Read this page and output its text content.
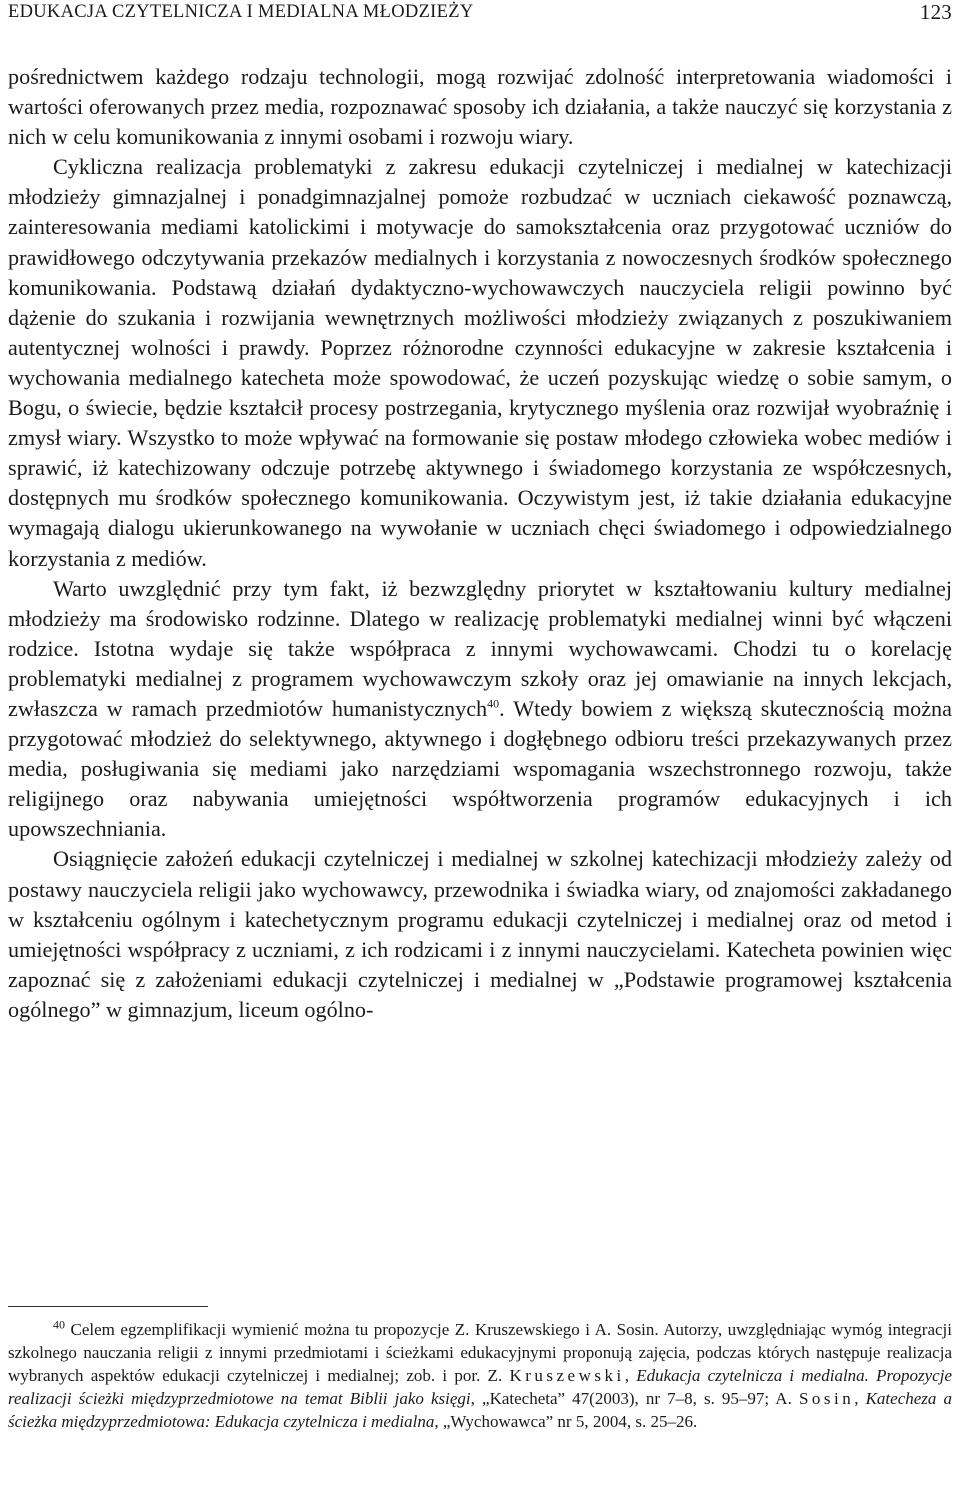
EDUKACJA CZYTELNICZA I MEDIALNA MŁODZIEŻY	123

pośrednictwem każdego rodzaju technologii, mogą rozwijać zdolność interpretowania wiadomości i wartości oferowanych przez media, rozpoznawać sposoby ich działania, a także nauczyć się korzystania z nich w celu komunikowania z innymi osobami i rozwoju wiary.

Cykliczna realizacja problematyki z zakresu edukacji czytelniczej i medialnej w katechizacji młodzieży gimnazjalnej i ponadgimnazjalnej pomoże rozbudzać w uczniach ciekawość poznawczą, zainteresowania mediami katolickimi i motywacje do samokształcenia oraz przygotować uczniów do prawidłowego odczytywania przekazów medialnych i korzystania z nowoczesnych środków społecznego komunikowania. Podstawą działań dydaktyczno-wychowawczych nauczyciela religii powinno być dążenie do szukania i rozwijania wewnętrznych możliwości młodzieży związanych z poszukiwaniem autentycznej wolności i prawdy. Poprzez różnorodne czynności edukacyjne w zakresie kształcenia i wychowania medialnego katecheta może spowodować, że uczeń pozyskując wiedzę o sobie samym, o Bogu, o świecie, będzie kształcił procesy postrzegania, krytycznego myślenia oraz rozwijał wyobraźnię i zmysł wiary. Wszystko to może wpływać na formowanie się postaw młodego człowieka wobec mediów i sprawić, iż katechizowany odczuje potrzebę aktywnego i świadomego korzystania ze współczesnych, dostępnych mu środków społecznego komunikowania. Oczywistym jest, iż takie działania edukacyjne wymagają dialogu ukierunkowanego na wywołanie w uczniach chęci świadomego i odpowiedzialnego korzystania z mediów.

Warto uwzględnić przy tym fakt, iż bezwzględny priorytet w kształtowaniu kultury medialnej młodzieży ma środowisko rodzinne. Dlatego w realizację problematyki medialnej winni być włączeni rodzice. Istotna wydaje się także współpraca z innymi wychowawcami. Chodzi tu o korelację problematyki medialnej z programem wychowawczym szkoły oraz jej omawianie na innych lekcjach, zwłaszcza w ramach przedmiotów humanistycznych$^{40}$. Wtedy bowiem z większą skutecznością można przygotować młodzież do selektywnego, aktywnego i dogłębnego odbioru treści przekazywanych przez media, posługiwania się mediami jako narzędziami wspomagania wszechstronnego rozwoju, także religijnego oraz nabywania umiejętności współtworzenia programów edukacyjnych i ich upowszechniania.

Osiągnięcie założeń edukacji czytelniczej i medialnej w szkolnej katechizacji młodzieży zależy od postawy nauczyciela religii jako wychowawcy, przewodnika i świadka wiary, od znajomości zakładanego w kształceniu ogólnym i katechetycznym programu edukacji czytelniczej i medialnej oraz od metod i umiejętności współpracy z uczniami, z ich rodzicami i z innymi nauczycielami. Katecheta powinien więc zapoznać się z założeniami edukacji czytelniczej i medialnej w „Podstawie programowej kształcenia ogólnego” w gimnazjum, liceum ogólno-

$^{40}$ Celem egzemplifikacji wymienić można tu propozycje Z. Kruszewskiego i A. Sosin. Autorzy, uwzględniając wymóg integracji szkolnego nauczania religii z innymi przedmiotami i ścieżkami edukacyjnymi proponują zajęcia, podczas których następuje realizacja wybranych aspektów edukacji czytelniczej i medialnej; zob. i por. Z. Kruszewski, Edukacja czytelnicza i medialna. Propozycje realizacji ścieżki międzyprzedmiotowe na temat Biblii jako księgi, „Katecheta” 47(2003), nr 7–8, s. 95–97; A. Sosin, Katecheza a ścieżka międzyprzedmiotowa: Edukacja czytelnicza i medialna, „Wychowawca” nr 5, 2004, s. 25–26.
